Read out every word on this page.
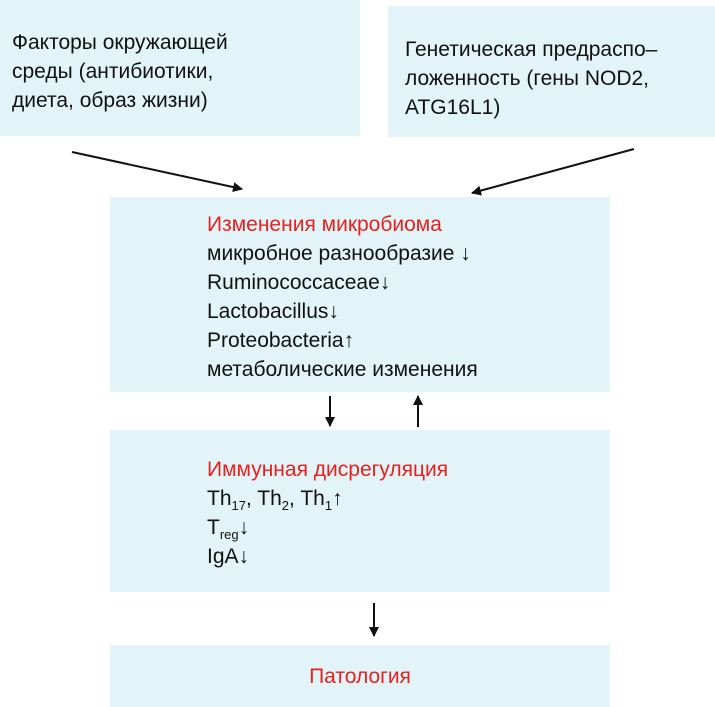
Факторы окружающей
среды (антибиотики,
диета, образ жизни)
Генетическая предраспо–
ложенность (гены NOD2,
ATG16L1)
Изменения микробиома
микробное разнообразие ↓
Ruminococcaceae↓
Lactobacillus↓
Proteobacteria↑
метаболические изменения
Иммунная дисрегуляция
$Th_{17}$, $Th_2$, $Th_1↑$
$T_{reg}↓$
IgA↓
Патология
